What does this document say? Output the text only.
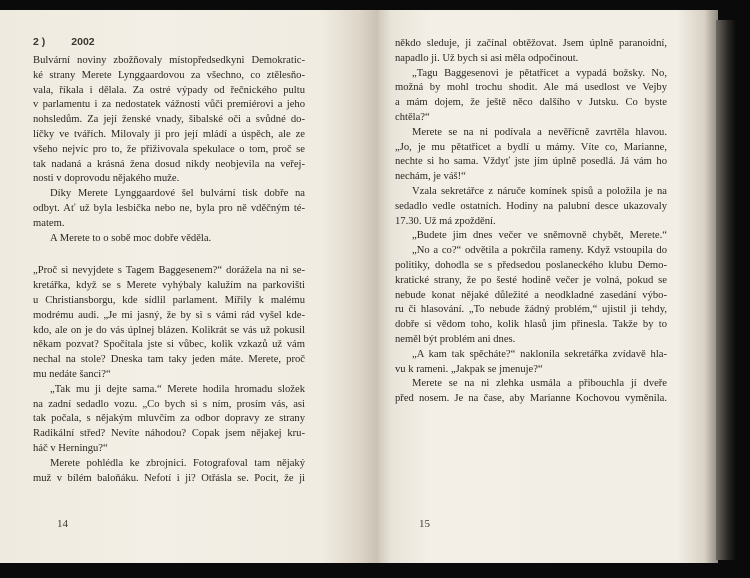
2 ) 2002
Bulvární noviny zbožňovaly místopředsedkyni Demokratic-
ké strany Merete Lynggaardovou za všechno, co ztělesňo-
vala, říkala i dělala. Za ostré výpady od řečnického pultu
v parlamentu i za nedostatek vážnosti vůči premiérovi a jeho
nohsledům. Za její ženské vnady, šibalské oči a svůdné do-
líčky ve tvářích. Milovaly ji pro její mládí a úspěch, ale ze
všeho nejvíc pro to, že přiživovala spekulace o tom, proč se
tak nadaná a krásná žena dosud nikdy neobjevila na veřej-
nosti v doprovodu nějakého muže.
Díky Merete Lynggaardové šel bulvární tisk dobře na
odbyt. Ať už byla lesbička nebo ne, byla pro ně vděčným té-
matem.
A Merete to o sobě moc dobře věděla.
„Proč si nevyjdete s Tagem Baggesenem?“ dorážela na ni se-
kretářka, když se s Merete vyhýbaly kalužím na parkovišti
u Christiansborgu, kde sídlil parlament. Mířily k malému
modrému audi. „Je mi jasný, že by si s vámi rád vyšel kde-
kdo, ale on je do vás úplnej blázen. Kolikrát se vás už pokusil
někam pozvat? Spočítala jste si vůbec, kolik vzkazů už vám
nechal na stole? Dneska tam taky jeden máte. Merete, proč
mu nedáte šanci?“
„Tak mu ji dejte sama.“ Merete hodila hromadu složek
na zadní sedadlo vozu. „Co bych si s ním, prosím vás, asi
tak počala, s nějakým mluvčím za odbor dopravy ze strany
Radikální střed? Nevíte náhodou? Copak jsem nějakej kru-
háč v Herningu?“
Merete pohlédla ke zbrojnici. Fotografoval tam nějaký
muž v bílém baloňáku. Nefotí i ji? Otřásla se. Pocit, že ji
14
někdo sleduje, ji začínal obtěžovat. Jsem úplně paranoidní,
napadlo ji. Už bych si asi měla odpočinout.
„Tagu Baggesenovi je pětatřicet a vypadá božsky. No,
možná by mohl trochu shodit. Ale má usedlost ve Vejby
a mám dojem, že ještě něco dalšího v Jutsku. Co byste
chtěla?“
Merete se na ni podívala a nevěřícně zavrtěla hlavou.
„Jo, je mu pětatřicet a bydlí u mámy. Víte co, Marianne,
nechte si ho sama. Vždyť jste jím úplně posedlá. Já vám ho
nechám, je váš!“
Vzala sekretářce z náruče komínek spisů a položila je na
sedadlo vedle ostatních. Hodiny na palubní desce ukazovaly
17.30. Už má zpoždění.
„Budete jim dnes večer ve sněmovně chybět, Merete.“
„No a co?“ odvětila a pokrčila rameny. Když vstoupila do
politiky, dohodla se s předsedou poslaneckého klubu Demo-
kratické strany, že po šesté hodině večer je volná, pokud se
nebude konat nějaké důležité a neodkladné zasedání výbo-
ru či hlasování. „To nebude žádný problém,“ ujistil ji tehdy,
dobře si vědom toho, kolik hlasů jim přinesla. Takže by to
neměl být problém ani dnes.
„A kam tak spěcháte?“ naklonila sekretářka zvídavě hla-
vu k rameni. „Jakpak se jmenuje?“
Merete se na ni zlehka usmála a přibouchla jí dveře
před nosem. Je na čase, aby Marianne Kochovou vyměnila.
15
